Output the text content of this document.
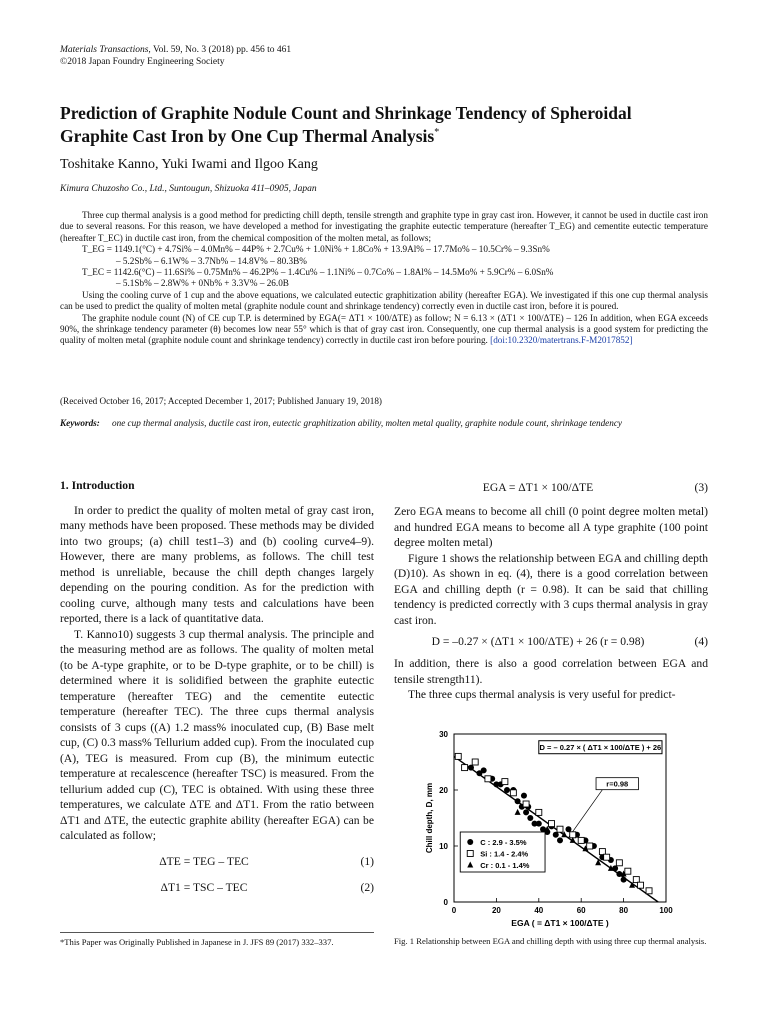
Materials Transactions, Vol. 59, No. 3 (2018) pp. 456 to 461
©2018 Japan Foundry Engineering Society
Prediction of Graphite Nodule Count and Shrinkage Tendency of Spheroidal
Graphite Cast Iron by One Cup Thermal Analysis*
Toshitake Kanno, Yuki Iwami and Ilgoo Kang
Kimura Chuzosho Co., Ltd., Suntougun, Shizuoka 411–0905, Japan

Three cup thermal analysis is a good method for predicting chill depth, tensile strength and graphite type in gray cast iron. However, it cannot be used in ductile cast iron due to several reasons. For this reason, we have developed a method for investigating the graphite eutectic temperature (hereafter T_EG) and cementite eutectic temperature (hereafter T_EC) in ductile cast iron, from the chemical composition of the molten metal, as follows;

T_EG = 1149.1(°C) + 4.7Si% – 4.0Mn% – 44P% + 2.7Cu% + 1.0Ni% + 1.8Co% + 13.9Al% – 17.7Mo% – 10.5Cr% – 9.3Sn%

– 5.2Sb% – 6.1W% – 3.7Nb% – 14.8V% – 80.3B%

T_EC = 1142.6(°C) – 11.6Si% – 0.75Mn% – 46.2P% – 1.4Cu% – 1.1Ni% – 0.7Co% – 1.8Al% – 14.5Mo% + 5.9Cr% – 6.0Sn%

– 5.1Sb% – 2.8W% + 0Nb% + 3.3V% – 26.0B

Using the cooling curve of 1 cup and the above equations, we calculated eutectic graphitization ability (hereafter EGA). We investigated if this one cup thermal analysis can be used to predict the quality of molten metal (graphite nodule count and shrinkage tendency) correctly even in ductile cast iron, before it is poured.

The graphite nodule count (N) of CE cup T.P. is determined by EGA(= ΔT1 × 100/ΔTE) as follow; N = 6.13 × (ΔT1 × 100/ΔTE) – 126 In addition, when EGA exceeds 90%, the shrinkage tendency parameter (θ) becomes low near 55° which is that of gray cast iron. Consequently, one cup thermal analysis is a good system for predicting the quality of molten metal (graphite nodule count and shrinkage tendency) correctly in ductile cast iron before pouring. [doi:10.2320/matertrans.F-M2017852]

(Received October 16, 2017; Accepted December 1, 2017; Published January 19, 2018)
Keywords: one cup thermal analysis, ductile cast iron, eutectic graphitization ability, molten metal quality, graphite nodule count, shrinkage tendency
1. Introduction

In order to predict the quality of molten metal of gray cast iron, many methods have been proposed. These methods may be divided into two groups; (a) chill test1–3) and (b) cooling curve4–9). However, there are many problems, as follows. The chill test method is unreliable, because the chill depth changes largely depending on the pouring condition. As for the prediction with cooling curve, although many tests and calculations have been reported, there is a lack of quantitative data.

T. Kanno10) suggests 3 cup thermal analysis. The principle and the measuring method are as follows. The quality of molten metal (to be A-type graphite, or to be D-type graphite, or to be chill) is determined where it is solidified between the graphite eutectic temperature (hereafter TEG) and the cementite eutectic temperature (hereafter TEC). The three cups thermal analysis consists of 3 cups ((A) 1.2 mass% inoculated cup, (B) Base melt cup, (C) 0.3 mass% Tellurium added cup). From the inoculated cup (A), TEG is measured. From cup (B), the minimum eutectic temperature at recalescence (hereafter TSC) is measured. From the tellurium added cup (C), TEC is obtained. With using these three temperatures, we calculate ΔTE and ΔT1. From the ratio between ΔT1 and ΔTE, the eutectic graphite ability (hereafter EGA) can be calculated as follow;

ΔTE = TEG – TEC	(1)
ΔT1 = TSC – TEC	(2)
EGA = ΔT1 × 100/ΔTE	(3)

Zero EGA means to become all chill (0 point degree molten metal) and hundred EGA means to become all A type graphite (100 point degree molten metal)

Figure 1 shows the relationship between EGA and chilling depth (D)10). As shown in eq. (4), there is a good correlation between EGA and chilling depth (r = 0.98). It can be said that chilling tendency is predicted correctly with 3 cups thermal analysis in gray cast iron.

D = –0.27 × (ΔT1 × 100/ΔTE) + 26 (r = 0.98)	(4)

In addition, there is also a good correlation between EGA and tensile strength11).

The three cups thermal analysis is very useful for predict-

0	20	40	60	80	100
0
10
20
30
EGA ( = ΔT1 × 100/ΔTE )
Chill depth, D, mm
D = – 0.27 × ( ΔT1 × 100/ΔTE ) + 26
r=0.98
C : 2.9 - 3.5%
Si : 1.4 - 2.4%
Cr : 0.1 - 1.4%
*This Paper was Originally Published in Japanese in J. JFS 89 (2017) 332–337.	Fig. 1 Relationship between EGA and chilling depth with using three cup thermal analysis.
